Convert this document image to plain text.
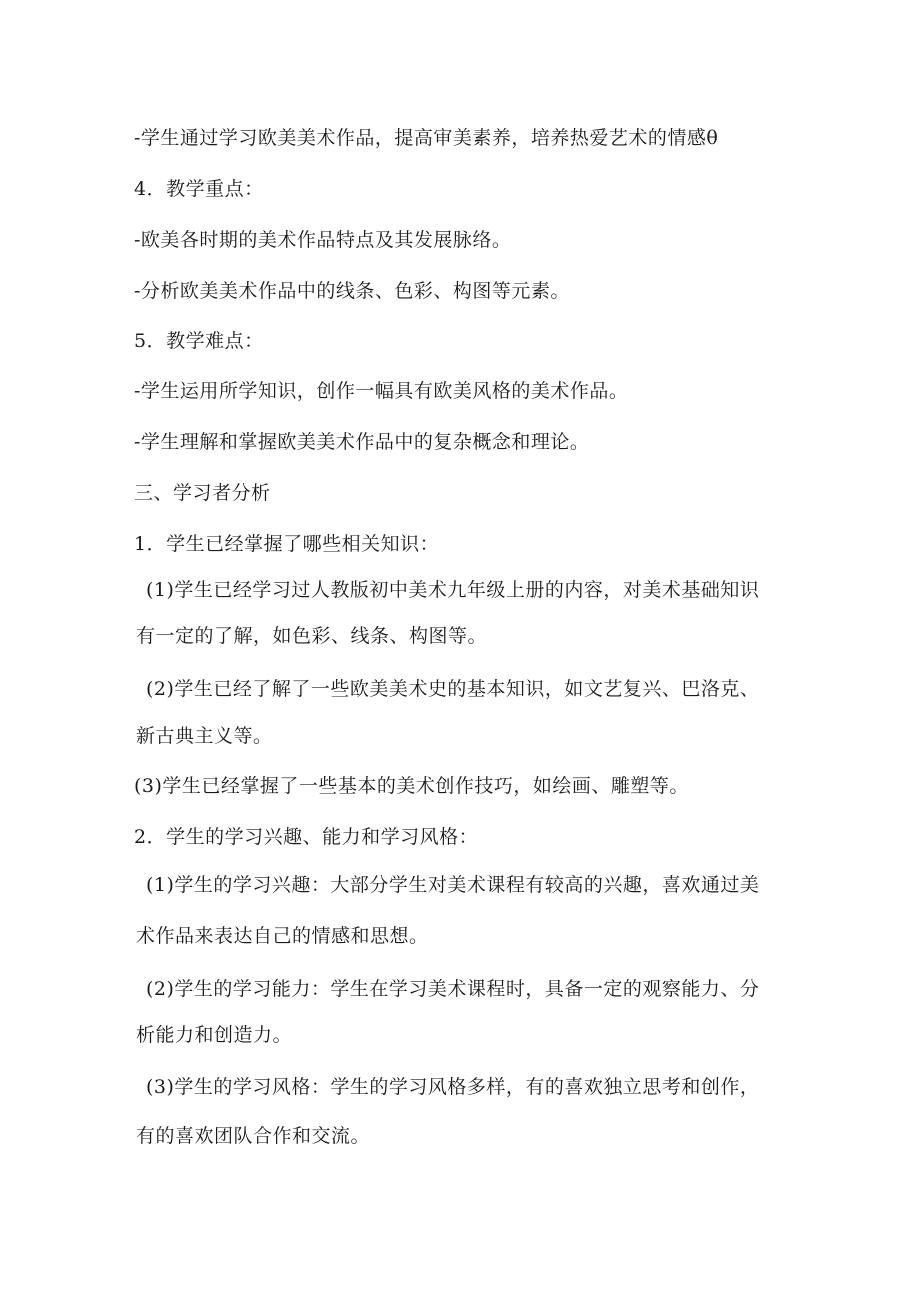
-学生通过学习欧美美术作品，提高审美素养，培养热爱艺术的情感θ
4．教学重点：
-欧美各时期的美术作品特点及其发展脉络。
-分析欧美美术作品中的线条、色彩、构图等元素。
5．教学难点：
-学生运用所学知识，创作一幅具有欧美风格的美术作品。
-学生理解和掌握欧美美术作品中的复杂概念和理论。
三、学习者分析
1．学生已经掌握了哪些相关知识：
(1)学生已经学习过人教版初中美术九年级上册的内容，对美术基础知识
有一定的了解，如色彩、线条、构图等。
(2)学生已经了解了一些欧美美术史的基本知识，如文艺复兴、巴洛克、
新古典主义等。
(3)学生已经掌握了一些基本的美术创作技巧，如绘画、雕塑等。
2．学生的学习兴趣、能力和学习风格：
(1)学生的学习兴趣：大部分学生对美术课程有较高的兴趣，喜欢通过美
术作品来表达自己的情感和思想。
(2)学生的学习能力：学生在学习美术课程时，具备一定的观察能力、分
析能力和创造力。
(3)学生的学习风格：学生的学习风格多样，有的喜欢独立思考和创作，
有的喜欢团队合作和交流。
